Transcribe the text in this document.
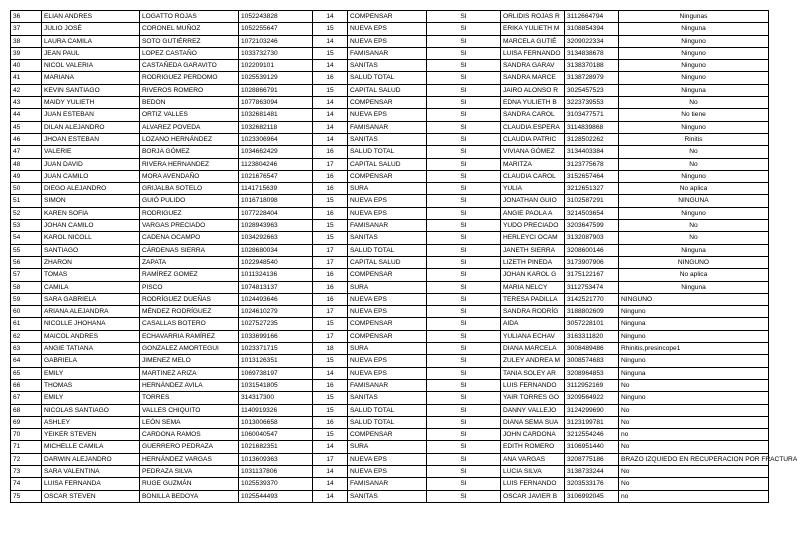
36	ELIAN ANDRES	LOGATTO ROJAS	1052243828	14	COMPENSAR	SI	ORLIDIS ROJAS R	3112664794	Ningunas
37	JULIO JOSÉ	CORONEL MUÑOZ	1052255647	15	NUEVA EPS	SI	ERIKA YULIETH M	3108854394	Ninguna
38	LAURA CAMILA	SOTO GUTIÉRREZ	1072103246	14	NUEVA EPS	SI	MARCELA GUTIÉ	3209022334	Ninguno
39	JEAN PAUL	LOPEZ CASTAÑO	1033732730	15	FAMISANAR	SI	LUISA FERNANDO	3134838678	Ninguno
40	NICOL VALERIA	CASTAÑEDA GARAVITO	102209101	14	SANITAS	SI	SANDRA GARAV	3138370188	Ninguno
41	MARIANA	RODRIGUEZ PERDOMO	1025539129	16	SALUD TOTAL	SI	SANDRA MARCE	3138728979	Ninguno
42	KEVIN SANTIAGO	RIVEROS ROMERO	1028866791	15	CAPITAL SALUD	SI	JAIRO ALONSO R	3025457523	Ninguna
43	MAIDY YULIETH	BEDON	1077863094	14	COMPENSAR	SI	EDNA YULIETH B	3223739553	No
44	JUAN ESTEBAN	ORTIZ VALLES	1032681481	14	NUEVA EPS	SI	SANDRA CAROL	3103477571	No tiene
45	DILAN ALEJANDRO	ALVAREZ POVEDA	1032682118	14	FAMISANAR	SI	CLAUDIA ESPERA	3114839868	Ninguno
46	JHOAN ESTEBAN	LOZANO HERNÁNDEZ	1023306964	14	SANITAS	SI	CLAUDIA PATRIC	3128502262	Rinitis
47	VALERIE	BORJA GÓMEZ	1034662429	16	SALUD TOTAL	SI	VIVIANA GÓMEZ	3134403384	No
48	JUAN DAVID	RIVERA HERNANDEZ	1123804246	17	CAPITAL SALUD	SI	MARITZA	3123775678	No
49	JUAN CAMILO	MORA AVENDAÑO	1021676547	16	COMPENSAR	SI	CLAUDIA CAROL	3152657464	Ninguno
50	DIEGO ALEJANDRO	GRIJALBA SOTELO	1141715639	16	SURA	SI	YULIA	3212651327	No aplica
51	SIMON	GUIÓ PULIDO	1016718098	15	NUEVA EPS	SI	JONATHAN GUIO	3102587291	NINGUNA
52	KAREN SOFIA	RODRIGUEZ	1077228404	16	NUEVA EPS	SI	ANGIE PAOLA A	3214503654	Ninguno
53	JOHAN CAMILO	VARGAS PRECIADO	1028943963	15	FAMISANAR	SI	YUDO PRECIADO	3203647599	No
54	KAROL NICOLL	CADENA OCAMPO	1034292663	15	SANITAS	SI	HERLEYCI OCAM	3132087903	No
55	SANTIAGO	CÁRDENAS SIERRA	1028680034	17	SALUD TOTAL	SI	JANETH SIERRA	3208600146	Ninguna
56	ZHARON	ZAPATA	1022948540	17	CAPITAL SALUD	SI	LIZETH PINEDA	3173907906	NINGUNO
57	TOMAS	RAMÍREZ GOMEZ	1011324136	16	COMPENSAR	SI	JOHAN KAROL G	3175122167	No aplica
58	CAMILA	PISCO	1074813137	16	SURA	SI	MARIA NELCY	3112753474	Ninguna
59	SARA GABRIELA	RODRÍGUEZ DUEÑAS	1024493646	16	NUEVA EPS	SI	TERESA PADILLA	3142521770	NINGUNO
60	ARIANA ALEJANDRA	MÉNDEZ RODRÍGUEZ	1024610279	17	NUEVA EPS	SI	SANDRA RODRÍG	3188802609	Ninguno
61	NICOLLE JHOHANA	CASALLAS BOTERO	1027527235	15	COMPENSAR	SI	AIDA	3057228101	Ninguna
62	MAICOL ANDRES	ECHAVARRIA RAMÍREZ	1033699166	17	COMPENSAR	SI	YULIANA ECHAV	3163311820	Ninguno
63	ANGIE TATIANA	GONZALEZ AMORTEGUI	1023371715	18	SURA	SI	DIANA MARCELA	3008489486	Rhinitis,presincope1
64	GABRIELA	JIMENEZ MELO	1013126351	15	NUEVA EPS	SI	ZULEY ANDREA M	3008574683	Ninguno
65	EMILY	MARTINEZ ARIZA	1069738197	14	NUEVA EPS	SI	TANIA SOLEY AR	3208964853	Ninguna
66	THOMAS	HERNÁNDEZ AVILA	1031541805	16	FAMISANAR	SI	LUIS FERNANDO	3112952169	No
67	EMILY	TORRES	314317300	15	SANITAS	SI	YAIR TORRES GO	3209564922	Ninguno
68	NICOLAS SANTIAGO	VALLES CHIQUITO	1140919326	15	SALUD TOTAL	SI	DANNY VALLEJO	3124299690	No
69	ASHLEY	LEÓN SEMA	1013006658	16	SALUD TOTAL	SI	DIANA SEMA SUA	3123199781	No
70	YEIKER STEVEN	CARDONA RAMOS	1060040547	15	COMPENSAR	SI	JOHN CARDONA	3212554246	no
71	MICHELLE CAMILA	GUERRERO PEDRAZA	1021682351	14	SURA	SI	EDITH ROMERO	3106951440	No
72	DARWIN ALEJANDRO	HERNÁNDEZ VARGAS	1013609363	17	NUEVA EPS	SI	ANA VARGAS	3208775186	BRAZO IZQUIEDO EN RECUPERACION POR FRACTURA
73	SARA VALENTINA	PEDRAZA SILVA	1031137806	14	NUEVA EPS	SI	LUCIA SILVA	3138733244	No
74	LUISA FERNANDA	RUGE GUZMÁN	1025539370	14	FAMISANAR	SI	LUIS FERNANDO	3203533176	No
75	OSCAR STEVEN	BONILLA BEDOYA	1025544493	14	SANITAS	SI	OSCAR JAVIER B	3106992045	no
